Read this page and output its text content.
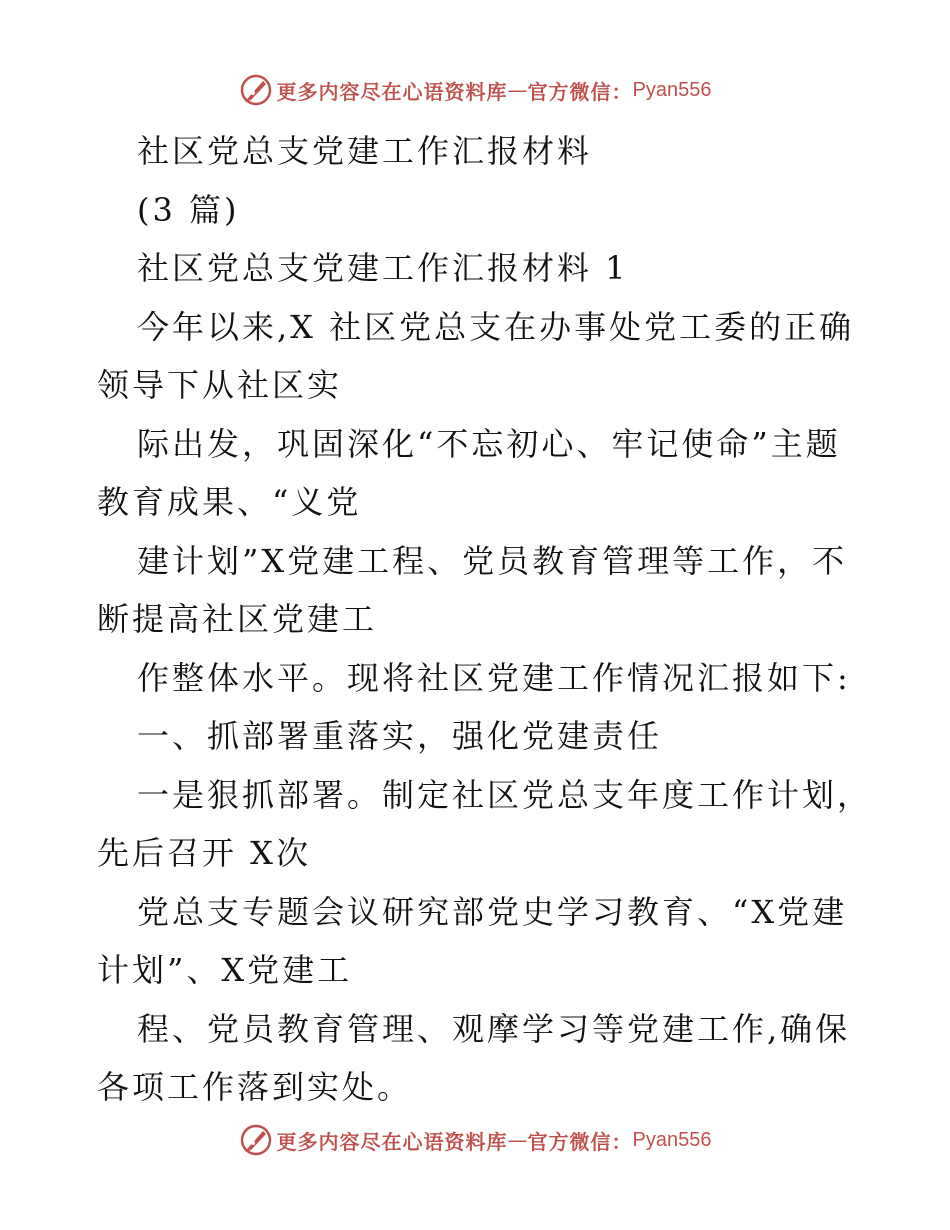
更多内容尽在心语资料库 — 官方微信： Pyan556
社区党总支党建工作汇报材料
(3 篇)
社区党总支党建工作汇报材料 1
今年以来,X 社区党总支在办事处党工委的正确
领导下从社区实
际出发，巩固深化“不忘初心、牢记使命”主题
教育成果、“义党
建计划”X党建工程、党员教育管理等工作，不
断提高社区党建工
作整体水平。现将社区党建工作情况汇报如下:
一、抓部署重落实，强化党建责任
一是狠抓部署。制定社区党总支年度工作计划，
先后召开 X次
党总支专题会议研究部党史学习教育、“X党建
计划”、X党建工
程、党员教育管理、观摩学习等党建工作,确保
各项工作落到实处。
更多内容尽在心语资料库 — 官方微信： Pyan556
